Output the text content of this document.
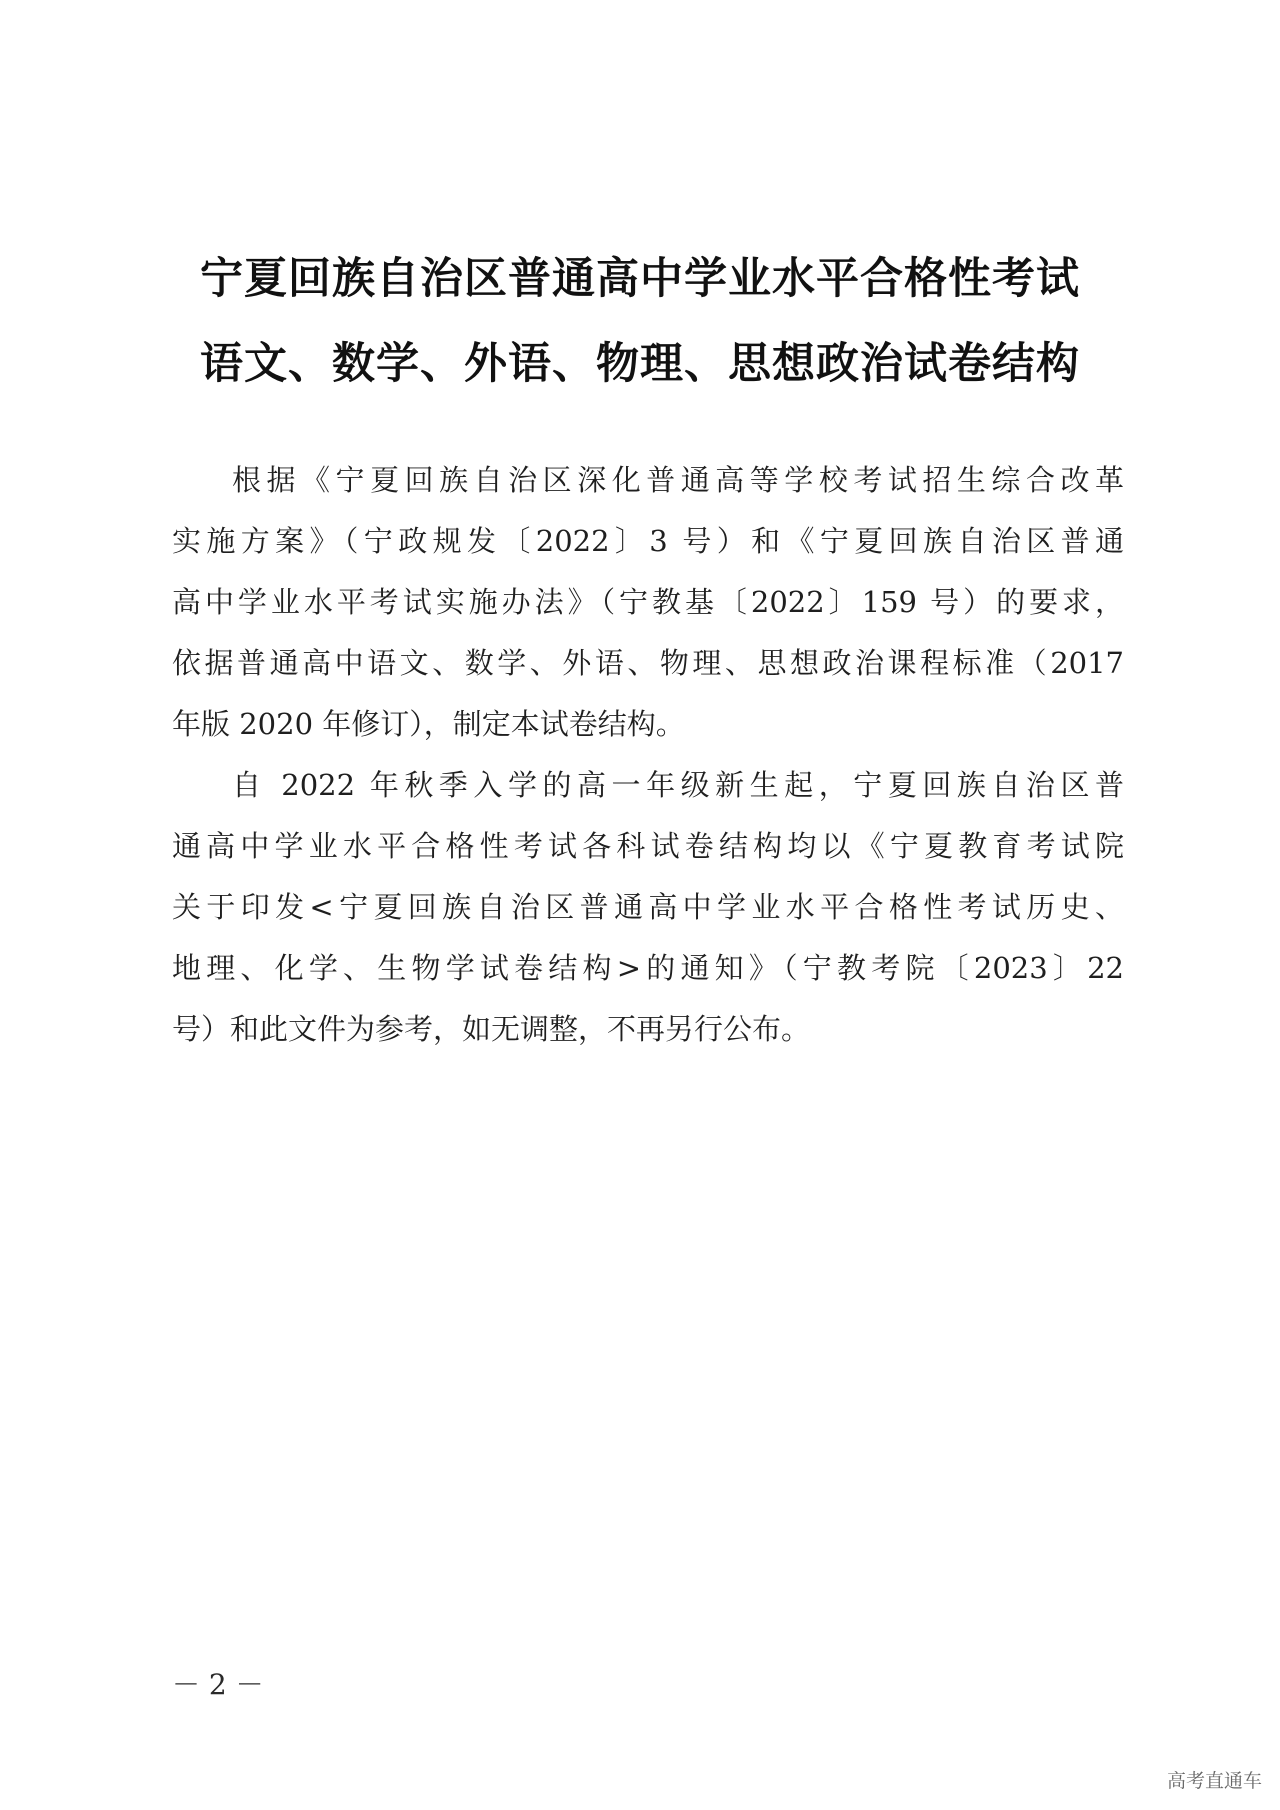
宁夏回族自治区普通高中学业水平合格性考试
语文、数学、外语、物理、思想政治试卷结构
根据《宁夏回族自治区深化普通高等学校考试招生综合改革
实施方案》（宁政规发〔2022〕3 号）和《宁夏回族自治区普通
高中学业水平考试实施办法》（宁教基〔2022〕159 号）的要求，
依据普通高中语文、数学、外语、物理、思想政治课程标准（2017
年版 2020 年修订），制定本试卷结构。
自 2022 年秋季入学的高一年级新生起，宁夏回族自治区普
通高中学业水平合格性考试各科试卷结构均以《宁夏教育考试院
关于印发<宁夏回族自治区普通高中学业水平合格性考试历史、
地理、化学、生物学试卷结构>的通知》（宁教考院〔2023〕22
号）和此文件为参考，如无调整，不再另行公布。
－ 2 －
高考直通车
